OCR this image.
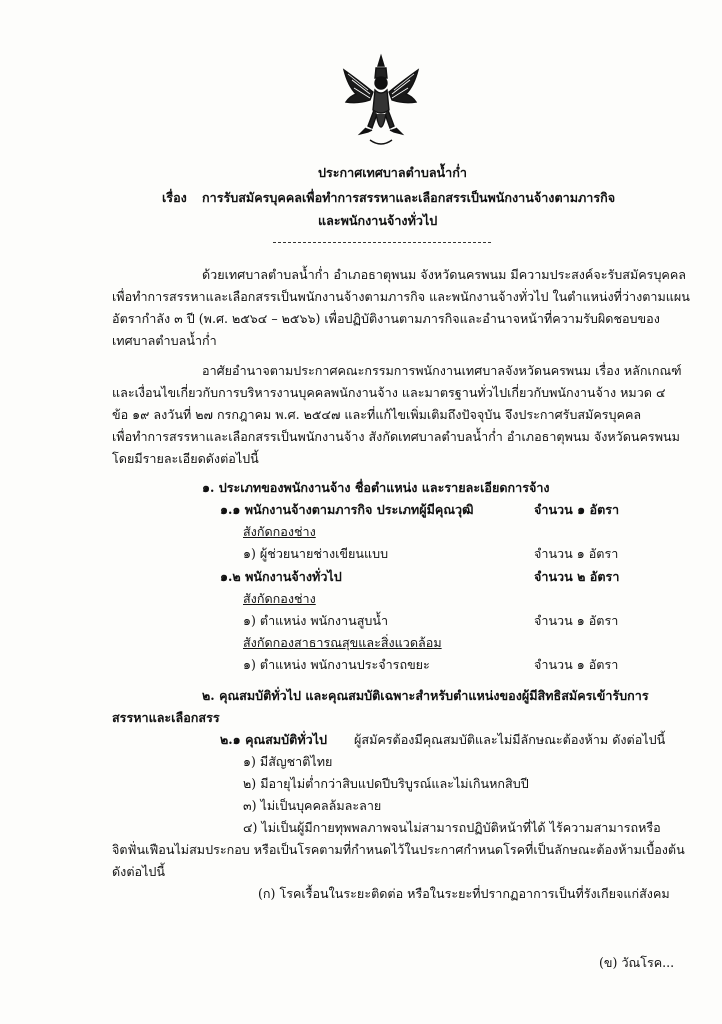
ประกาศเทศบาลตำบลน้ำก่ำ
เรื่อง การรับสมัครบุคคลเพื่อทำการสรรหาและเลือกสรรเป็นพนักงานจ้างตามภารกิจ
และพนักงานจ้างทั่วไป
ด้วยเทศบาลตำบลน้ำก่ำ อำเภอธาตุพนม จังหวัดนครพนม มีความประสงค์จะรับสมัครบุคคล
เพื่อทำการสรรหาและเลือกสรรเป็นพนักงานจ้างตามภารกิจ และพนักงานจ้างทั่วไป ในตำแหน่งที่ว่างตามแผน
อัตรากำลัง ๓ ปี (พ.ศ. ๒๕๖๔ – ๒๕๖๖) เพื่อปฏิบัติงานตามภารกิจและอำนาจหน้าที่ความรับผิดชอบของ
เทศบาลตำบลน้ำก่ำ
อาศัยอำนาจตามประกาศคณะกรรมการพนักงานเทศบาลจังหวัดนครพนม เรื่อง หลักเกณฑ์
และเงื่อนไขเกี่ยวกับการบริหารงานบุคคลพนักงานจ้าง และมาตรฐานทั่วไปเกี่ยวกับพนักงานจ้าง หมวด ๔
ข้อ ๑๙ ลงวันที่ ๒๗ กรกฎาคม พ.ศ. ๒๕๔๗ และที่แก้ไขเพิ่มเติมถึงปัจจุบัน จึงประกาศรับสมัครบุคคล
เพื่อทำการสรรหาและเลือกสรรเป็นพนักงานจ้าง สังกัดเทศบาลตำบลน้ำก่ำ อำเภอธาตุพนม จังหวัดนครพนม
โดยมีรายละเอียดดังต่อไปนี้
๑. ประเภทของพนักงานจ้าง ชื่อตำแหน่ง และรายละเอียดการจ้าง
๑.๑ พนักงานจ้างตามภารกิจ ประเภทผู้มีคุณวุฒิ	จำนวน ๑ อัตรา
สังกัดกองช่าง
๑) ผู้ช่วยนายช่างเขียนแบบ	จำนวน ๑ อัตรา
๑.๒ พนักงานจ้างทั่วไป	จำนวน ๒ อัตรา
สังกัดกองช่าง
๑) ตำแหน่ง พนักงานสูบน้ำ	จำนวน ๑ อัตรา
สังกัดกองสาธารณสุขและสิ่งแวดล้อม
๑) ตำแหน่ง พนักงานประจำรถขยะ	จำนวน ๑ อัตรา
๒. คุณสมบัติทั่วไป และคุณสมบัติเฉพาะสำหรับตำแหน่งของผู้มีสิทธิสมัครเข้ารับการ
สรรหาและเลือกสรร
๒.๑ คุณสมบัติทั่วไป ผู้สมัครต้องมีคุณสมบัติและไม่มีลักษณะต้องห้าม ดังต่อไปนี้
๑) มีสัญชาติไทย
๒) มีอายุไม่ต่ำกว่าสิบแปดปีบริบูรณ์และไม่เกินหกสิบปี
๓) ไม่เป็นบุคคลล้มละลาย
๔) ไม่เป็นผู้มีกายทุพพลภาพจนไม่สามารถปฏิบัติหน้าที่ได้ ไร้ความสามารถหรือ
จิตฟั่นเฟือนไม่สมประกอบ หรือเป็นโรคตามที่กำหนดไว้ในประกาศกำหนดโรคที่เป็นลักษณะต้องห้ามเบื้องต้น
ดังต่อไปนี้
(ก) โรคเรื้อนในระยะติดต่อ หรือในระยะที่ปรากฏอาการเป็นที่รังเกียจแก่สังคม
(ข) วัณโรค...
